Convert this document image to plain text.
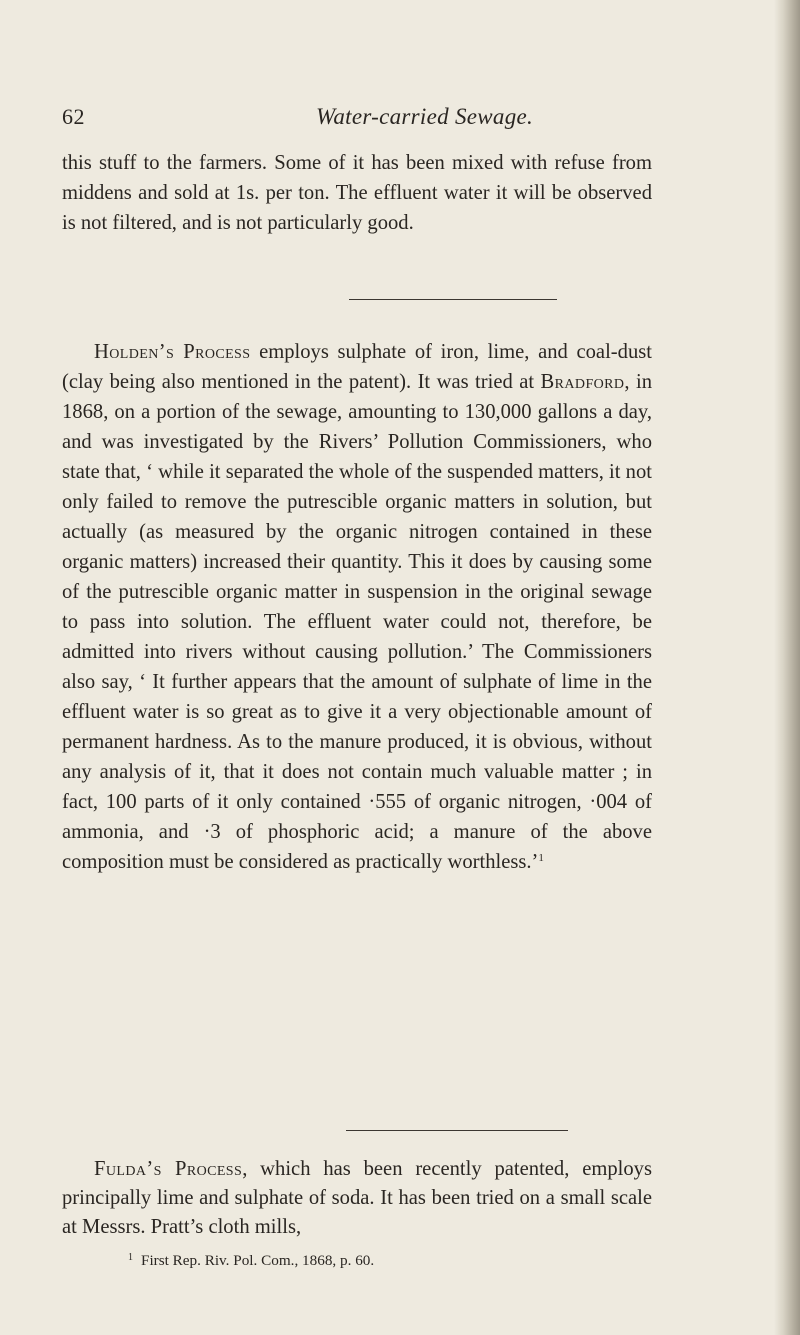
62	Water-carried Sewage.
this stuff to the farmers. Some of it has been mixed with refuse from middens and sold at 1s. per ton. The effluent water it will be observed is not filtered, and is not particularly good.
Holden’s Process employs sulphate of iron, lime, and coal-dust (clay being also mentioned in the patent). It was tried at Bradford, in 1868, on a portion of the sewage, amounting to 130,000 gallons a day, and was investigated by the Rivers’ Pollution Commissioners, who state that, ‘ while it separated the whole of the suspended matters, it not only failed to remove the putrescible organic matters in solution, but actually (as measured by the organic nitrogen contained in these organic matters) increased their quantity. This it does by causing some of the putrescible organic matter in suspension in the original sewage to pass into solution. The effluent water could not, therefore, be admitted into rivers without causing pollution.’ The Commissioners also say, ‘ It further appears that the amount of sulphate of lime in the effluent water is so great as to give it a very objectionable amount of permanent hardness. As to the manure produced, it is obvious, without any analysis of it, that it does not contain much valuable matter ; in fact, 100 parts of it only contained ·555 of organic nitrogen, ·004 of ammonia, and ·3 of phosphoric acid; a manure of the above composition must be considered as practically worthless.’$^1$
Fulda’s Process, which has been recently patented, employs principally lime and sulphate of soda. It has been tried on a small scale at Messrs. Pratt’s cloth mills,
$^1$ First Rep. Riv. Pol. Com., 1868, p. 60.
